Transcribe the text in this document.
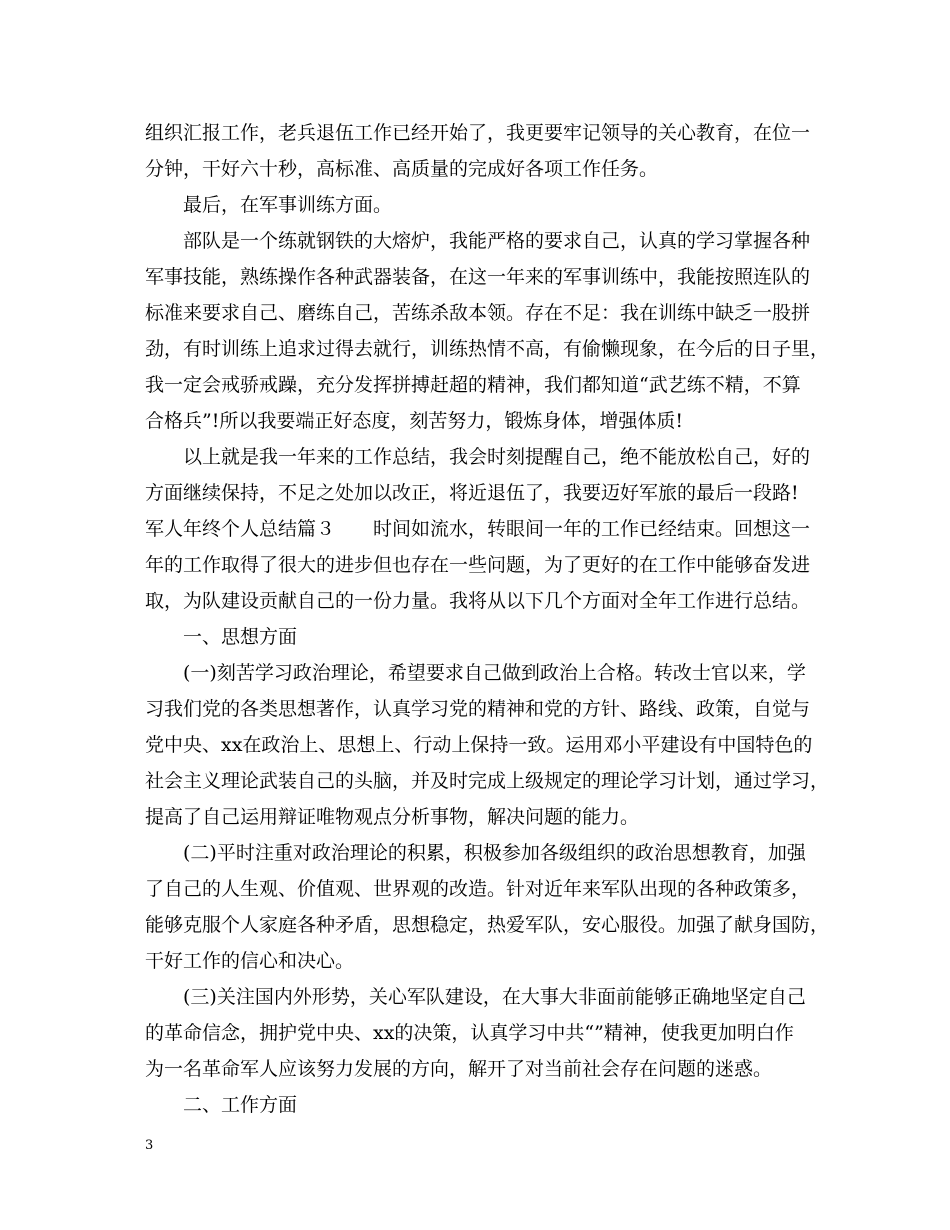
组织汇报工作，老兵退伍工作已经开始了，我更要牢记领导的关心教育，在位一
分钟，干好六十秒，高标准、高质量的完成好各项工作任务。
最后，在军事训练方面。
部队是一个练就钢铁的大熔炉，我能严格的要求自己，认真的学习掌握各种
军事技能，熟练操作各种武器装备，在这一年来的军事训练中，我能按照连队的
标准来要求自己、磨练自己，苦练杀敌本领。存在不足：我在训练中缺乏一股拼
劲，有时训练上追求过得去就行，训练热情不高，有偷懒现象，在今后的日子里，
我一定会戒骄戒躁，充分发挥拼搏赶超的精神，我们都知道“武艺练不精，不算
合格兵”!所以我要端正好态度，刻苦努力，锻炼身体，增强体质!
以上就是我一年来的工作总结，我会时刻提醒自己，绝不能放松自己，好的
方面继续保持，不足之处加以改正，将近退伍了，我要迈好军旅的最后一段路!
军人年终个人总结篇３　　时间如流水，转眼间一年的工作已经结束。回想这一
年的工作取得了很大的进步但也存在一些问题，为了更好的在工作中能够奋发进
取，为队建设贡献自己的一份力量。我将从以下几个方面对全年工作进行总结。
一、思想方面
(一)刻苦学习政治理论，希望要求自己做到政治上合格。转改士官以来，学
习我们党的各类思想著作，认真学习党的精神和党的方针、路线、政策，自觉与
党中央、xx在政治上、思想上、行动上保持一致。运用邓小平建设有中国特色的
社会主义理论武装自己的头脑，并及时完成上级规定的理论学习计划，通过学习，
提高了自己运用辩证唯物观点分析事物，解决问题的能力。
(二)平时注重对政治理论的积累，积极参加各级组织的政治思想教育，加强
了自己的人生观、价值观、世界观的改造。针对近年来军队出现的各种政策多，
能够克服个人家庭各种矛盾，思想稳定，热爱军队，安心服役。加强了献身国防，
干好工作的信心和决心。
(三)关注国内外形势，关心军队建设，在大事大非面前能够正确地坚定自己
的革命信念，拥护党中央、xx的决策，认真学习中共“”精神，使我更加明白作
为一名革命军人应该努力发展的方向，解开了对当前社会存在问题的迷惑。
二、工作方面
3
